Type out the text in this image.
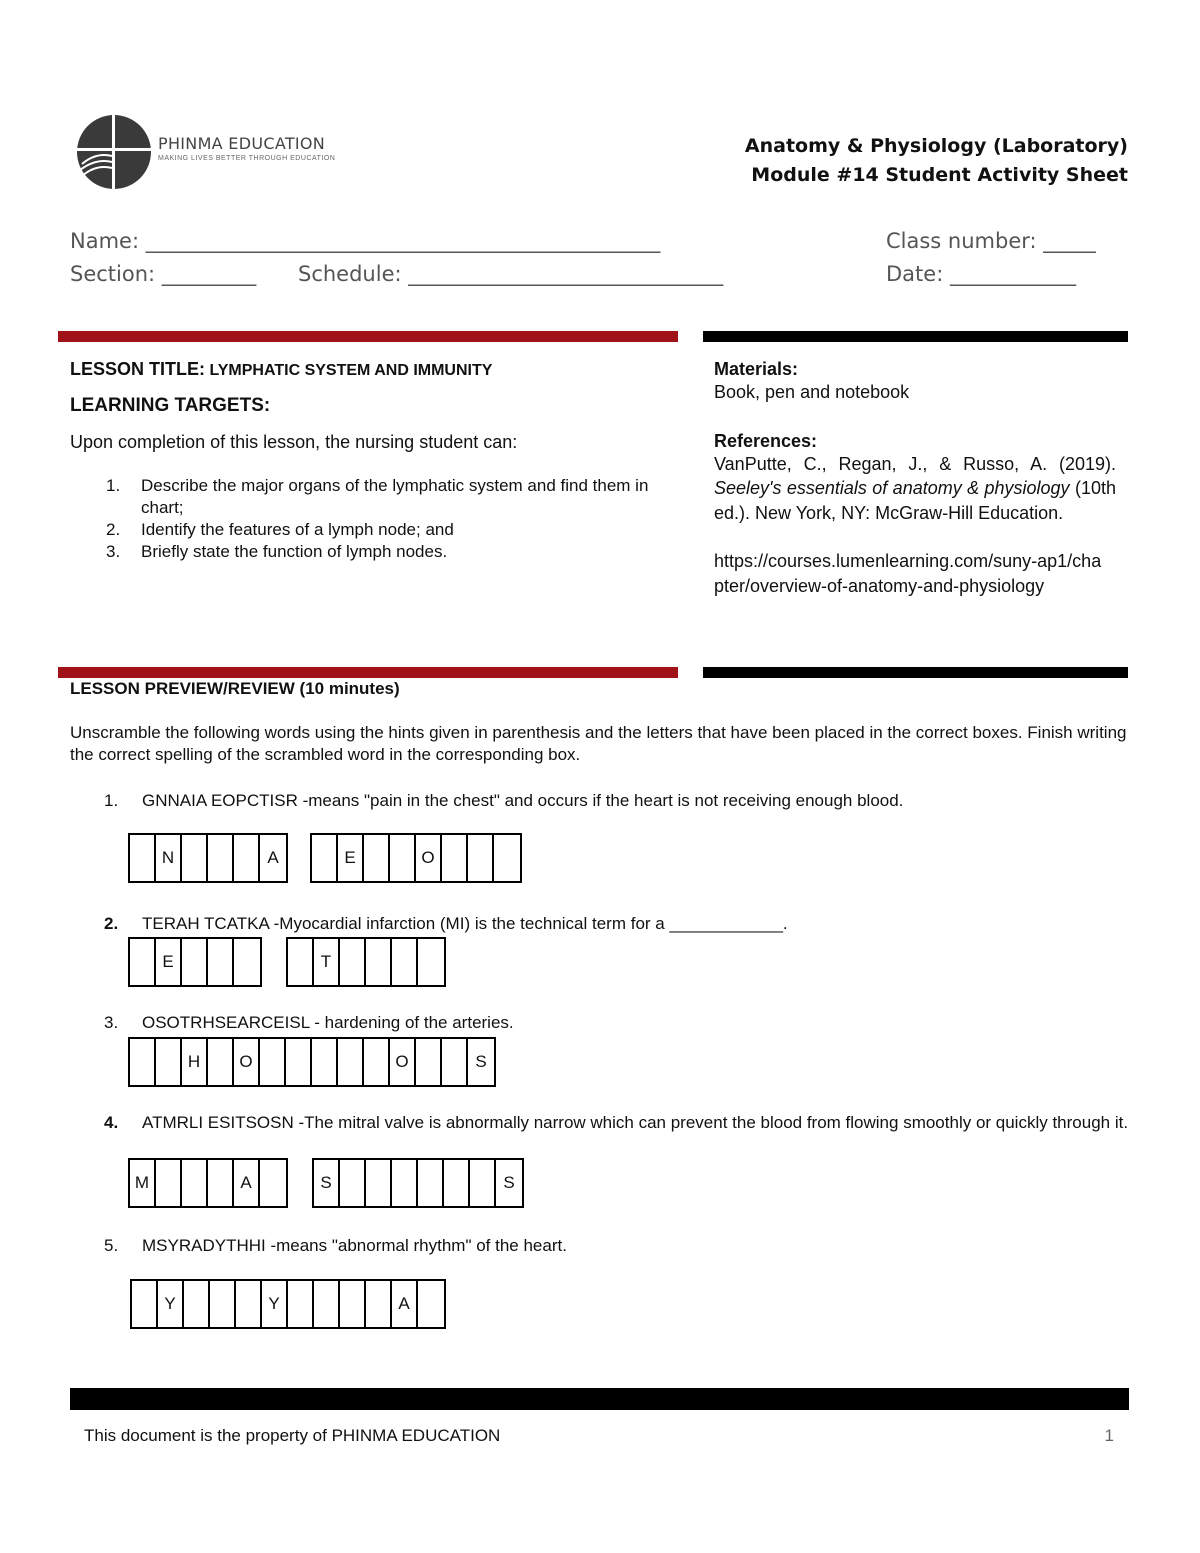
PHINMA EDUCATION
MAKING LIVES BETTER THROUGH EDUCATION
Anatomy & Physiology (Laboratory)
Module #14 Student Activity Sheet
Name: _________________________________________________	Class number: _____
Section: _________ Schedule: ______________________________	Date: ____________
LESSON TITLE: LYMPHATIC SYSTEM AND IMMUNITY
LEARNING TARGETS:
Upon completion of this lesson, the nursing student can:
1. Describe the major organs of the lymphatic system and find them in chart;
2. Identify the features of a lymph node; and
3. Briefly state the function of lymph nodes.
Materials:
Book, pen and notebook
References:
VanPutte, C., Regan, J., & Russo, A. (2019). Seeley's essentials of anatomy & physiology (10th ed.). New York, NY: McGraw-Hill Education.
https://courses.lumenlearning.com/suny-ap1/chapter/overview-of-anatomy-and-physiology
LESSON PREVIEW/REVIEW (10 minutes)
Unscramble the following words using the hints given in parenthesis and the letters that have been placed in the correct boxes. Finish writing the correct spelling of the scrambled word in the corresponding box.
1. GNNAIA EOPCTISR -means "pain in the chest" and occurs if the heart is not receiving enough blood.
N	A	E	O
2. TERAH TCATKA -Myocardial infarction (MI) is the technical term for a ____________.
E	T
3. OSOTRHSEARCEISL - hardening of the arteries.
H	O	O	S
4.	ATMRLI ESITSOSN -The mitral valve is abnormally narrow which can prevent the blood from flowing smoothly or quickly through it.
M	A	S	S
5. MSYRADYTHHI -means "abnormal rhythm" of the heart.
Y	Y	A
This document is the property of PHINMA EDUCATION	1
